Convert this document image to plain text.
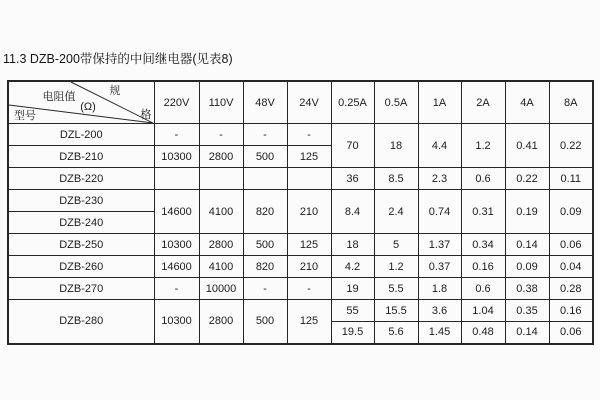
11.3 DZB-200带保持的中间继电器(见表8)
电阻值
(Ω)
型号
规
格	220V	110V	48V	24V	0.25A	0.5A	1A	2A	4A	8A
DZL-200	-	-	-	-	70	18	4.4	1.2	0.41	0.22
DZB-210	10300	2800	500	125						
DZB-220					36	8.5	2.3	0.6	0.22	0.11
DZB-230	14600	4100	820	210	8.4	2.4	0.74	0.31	0.19	0.09
DZB-240										
DZB-250	10300	2800	500	125	18	5	1.37	0.34	0.14	0.06
DZB-260	14600	4100	820	210	4.2	1.2	0.37	0.16	0.09	0.04
DZB-270	-	10000	-	-	19	5.5	1.8	0.6	0.38	0.28
DZB-280	10300	2800	500	125	55	15.5	3.6	1.04	0.35	0.16
					19.5	5.6	1.45	0.48	0.14	0.06
